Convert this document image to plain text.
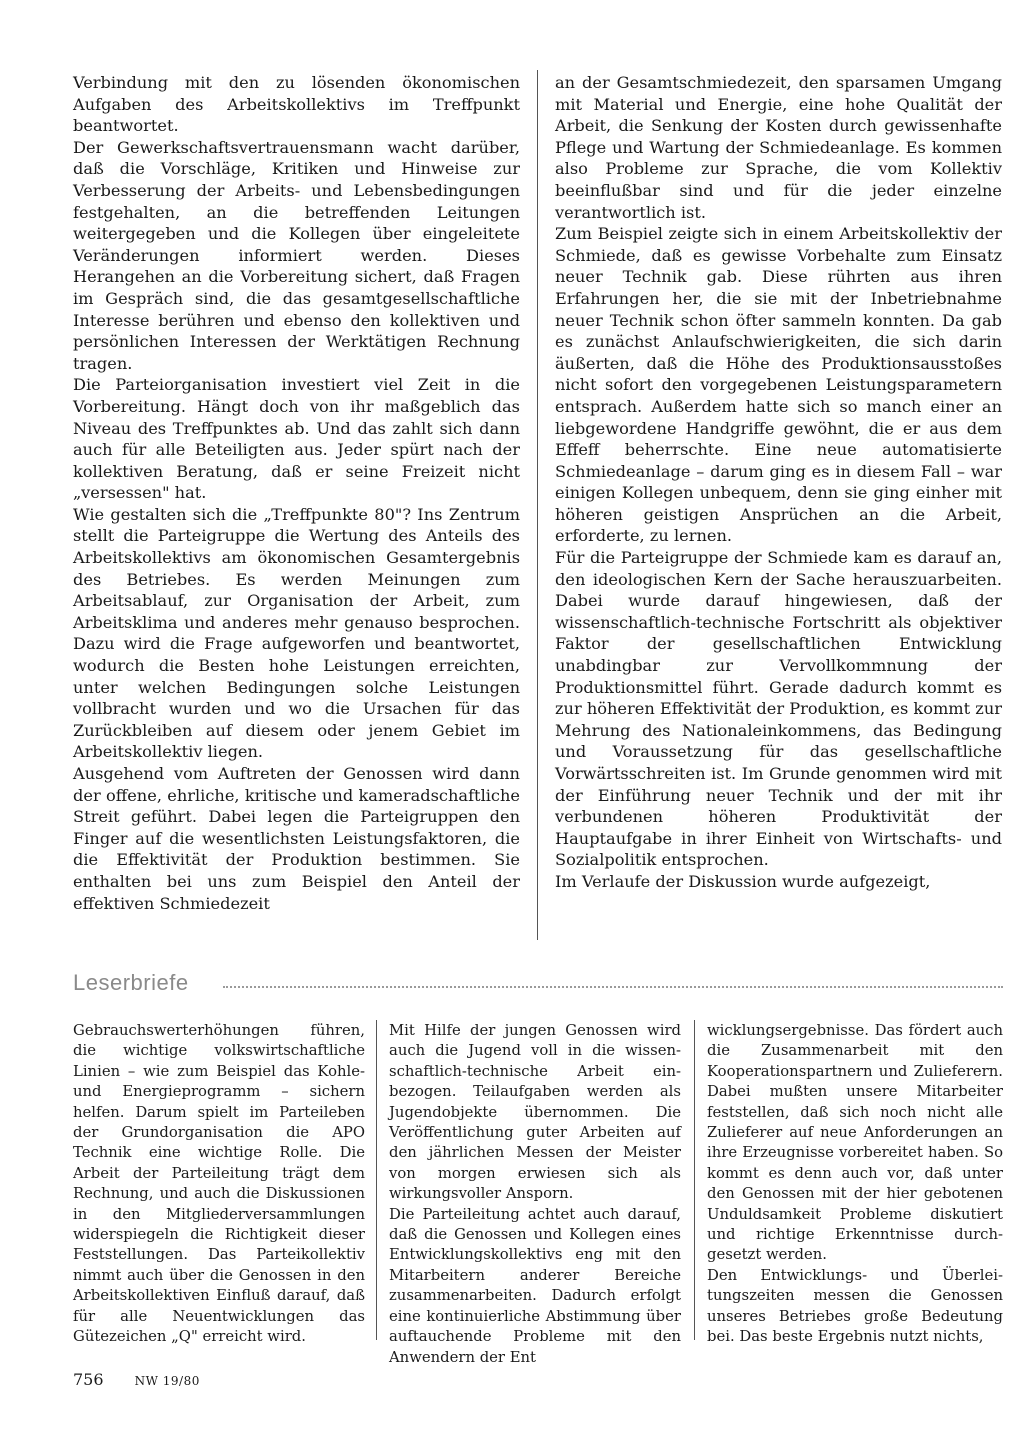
Verbindung mit den zu lösenden ökonomischen Aufgaben des Arbeitskollektivs im Treffpunkt beantwortet.

Der Gewerkschaftsvertrauensmann wacht darüber, daß die Vorschläge, Kritiken und Hinweise zur Verbesserung der Arbeits- und Lebensbedingungen festgehalten, an die betreffenden Leitungen weitergegeben und die Kollegen über eingeleitete Veränderungen informiert werden. Dieses Herangehen an die Vorbereitung sichert, daß Fragen im Gespräch sind, die das gesamtgesellschaftliche Interesse berühren und ebenso den kollektiven und persönlichen Interessen der Werktätigen Rechnung tragen.

Die Parteiorganisation investiert viel Zeit in die Vorbereitung. Hängt doch von ihr maßgeblich das Niveau des Treffpunktes ab. Und das zahlt sich dann auch für alle Beteiligten aus. Jeder spürt nach der kollektiven Beratung, daß er seine Freizeit nicht „versessen" hat.

Wie gestalten sich die „Treffpunkte 80"? Ins Zentrum stellt die Parteigruppe die Wertung des Anteils des Arbeitskollektivs am ökonomischen Gesamtergebnis des Betriebes. Es werden Meinungen zum Arbeitsablauf, zur Organisation der Arbeit, zum Arbeitsklima und anderes mehr genauso besprochen. Dazu wird die Frage aufgeworfen und beantwortet, wodurch die Besten hohe Leistungen erreichten, unter welchen Bedingungen solche Leistungen vollbracht wurden und wo die Ursachen für das Zurückbleiben auf diesem oder jenem Gebiet im Arbeitskollektiv liegen.

Ausgehend vom Auftreten der Genossen wird dann der offene, ehrliche, kritische und kameradschaftliche Streit geführt. Dabei legen die Parteigruppen den Finger auf die wesentlichsten Leistungsfaktoren, die die Effektivität der Produktion bestimmen. Sie enthalten bei uns zum Beispiel den Anteil der effektiven Schmiedezeit

an der Gesamtschmiedezeit, den sparsamen Umgang mit Material und Energie, eine hohe Qualität der Arbeit, die Senkung der Kosten durch gewissenhafte Pflege und Wartung der Schmiedeanlage. Es kommen also Probleme zur Sprache, die vom Kollektiv beeinflußbar sind und für die jeder einzelne verantwortlich ist.

Zum Beispiel zeigte sich in einem Arbeitskollektiv der Schmiede, daß es gewisse Vorbehalte zum Einsatz neuer Technik gab. Diese rührten aus ihren Erfahrungen her, die sie mit der Inbetriebnahme neuer Technik schon öfter sammeln konnten. Da gab es zunächst Anlaufschwierigkeiten, die sich darin äußerten, daß die Höhe des Produktionsausstoßes nicht sofort den vorgegebenen Leistungsparametern entsprach. Außerdem hatte sich so manch einer an liebgewordene Handgriffe gewöhnt, die er aus dem Effeff beherrschte. Eine neue automatisierte Schmiedeanlage – darum ging es in diesem Fall – war einigen Kollegen unbequem, denn sie ging einher mit höheren geistigen Ansprüchen an die Arbeit, erforderte, zu lernen.

Für die Parteigruppe der Schmiede kam es darauf an, den ideologischen Kern der Sache herauszuarbeiten. Dabei wurde darauf hingewiesen, daß der wissenschaftlich-technische Fortschritt als objektiver Faktor der gesellschaftlichen Entwicklung unabdingbar zur Vervollkommnung der Produktionsmittel führt. Gerade dadurch kommt es zur höheren Effektivität der Produktion, es kommt zur Mehrung des Nationaleinkommens, das Bedingung und Voraussetzung für das gesellschaftliche Vorwärtsschreiten ist. Im Grunde genommen wird mit der Einführung neuer Technik und der mit ihr verbundenen höheren Produktivität der Hauptaufgabe in ihrer Einheit von Wirtschafts- und Sozialpolitik entsprochen.

Im Verlaufe der Diskussion wurde aufgezeigt,

Leserbriefe

Gebrauchswerterhöhungen führen, die wichtige volkswirtschaftliche Linien – wie zum Beispiel das Kohle- und Energieprogramm – sichern helfen. Darum spielt im Parteileben der Grundorganisation die APO Technik eine wichtige Rolle. Die Arbeit der Parteileitung trägt dem Rechnung, und auch die Diskussionen in den Mitgliederversammlungen widerspiegeln die Richtigkeit dieser Feststellungen. Das Parteikollektiv nimmt auch über die Genossen in den Arbeitskollektiven Einfluß darauf, daß für alle Neuentwicklungen das Gütezeichen „Q" erreicht wird.

Mit Hilfe der jungen Genossen wird auch die Jugend voll in die wissenschaftlich-technische Arbeit einbezogen. Teilaufgaben werden als Jugendobjekte übernommen. Die Veröffentlichung guter Arbeiten auf den jährlichen Messen der Meister von morgen erwiesen sich als wirkungsvoller Ansporn.

Die Parteileitung achtet auch darauf, daß die Genossen und Kollegen eines Entwicklungskollektivs eng mit den Mitarbeitern anderer Bereiche zusammenarbeiten. Dadurch erfolgt eine kontinuierliche Abstimmung über auftauchende Probleme mit den Anwendern der Ent

wicklungsergebnisse. Das fördert auch die Zusammenarbeit mit den Kooperationspartnern und Zulieferern. Dabei mußten unsere Mitarbeiter feststellen, daß sich noch nicht alle Zulieferer auf neue Anforderungen an ihre Erzeugnisse vorbereitet haben. So kommt es denn auch vor, daß unter den Genossen mit der hier gebotenen Unduldsamkeit Probleme diskutiert und richtige Erkenntnisse durchgesetzt werden.

Den Entwicklungs- und Überleitungszeiten messen die Genossen unseres Betriebes große Bedeutung bei. Das beste Ergebnis nutzt nichts,

756	NW 19/80
